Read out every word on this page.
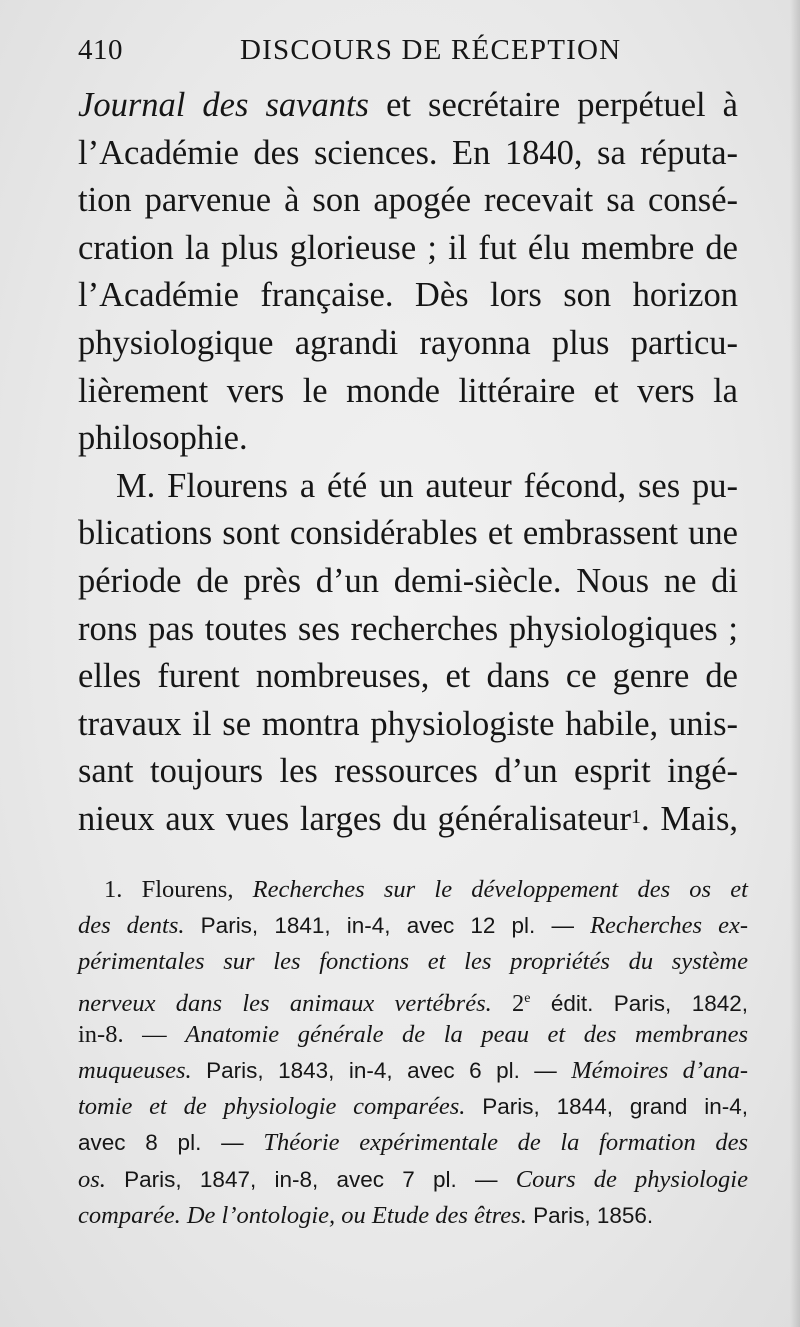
410	DISCOURS DE RÉCEPTION
Journal des savants et secrétaire perpétuel à
l’Académie des sciences. En 1840, sa réputa-
tion parvenue à son apogée recevait sa consé-
cration la plus glorieuse ; il fut élu membre de
l’Académie française. Dès lors son horizon
physiologique agrandi rayonna plus particu-
lièrement vers le monde littéraire et vers la
philosophie.
M. Flourens a été un auteur fécond, ses pu-
blications sont considérables et embrassent une
période de près d’un demi-siècle. Nous ne di
rons pas toutes ses recherches physiologiques ;
elles furent nombreuses, et dans ce genre de
travaux il se montra physiologiste habile, unis-
sant toujours les ressources d’un esprit ingé-
nieux aux vues larges du généralisateur$^1$. Mais,
1. Flourens, Recherches sur le développement des os et
des dents. Paris, 1841, in-4, avec 12 pl. — Recherches ex-
périmentales sur les fonctions et les propriétés du système
nerveux dans les animaux vertébrés. 2e édit. Paris, 1842,
in-8. — Anatomie générale de la peau et des membranes
muqueuses. Paris, 1843, in-4, avec 6 pl. — Mémoires d’ana-
tomie et de physiologie comparées. Paris, 1844, grand in-4,
avec 8 pl. — Théorie expérimentale de la formation des
os. Paris, 1847, in-8, avec 7 pl. — Cours de physiologie
comparée. De l’ontologie, ou Etude des êtres. Paris, 1856.
